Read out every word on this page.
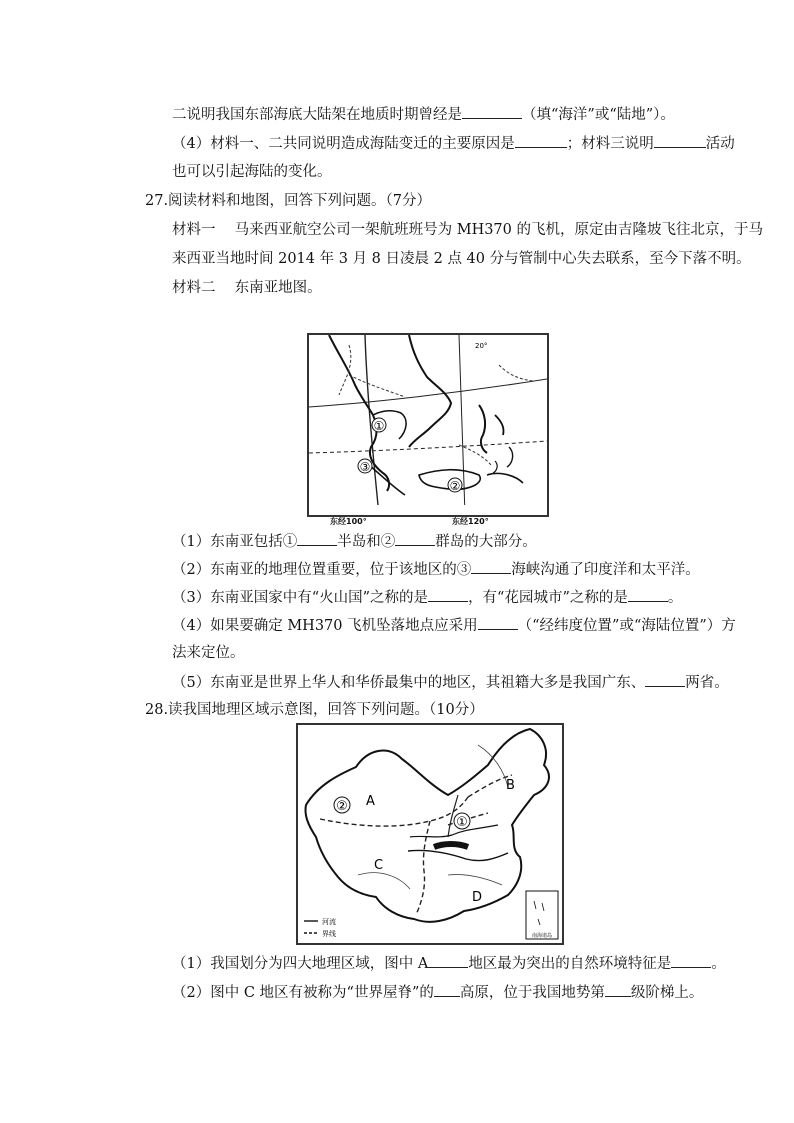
二说明我国东部海底大陆架在地质时期曾经是	（填“海洋”或“陆地”）。
（4）材料一、二共同说明造成海陆变迁的主要原因是	；材料三说明	活动
也可以引起海陆的变化。
27.阅读材料和地图，回答下列问题。（7分）
材料一　 马来西亚航空公司一架航班班号为 MH370 的飞机，原定由吉隆坡飞往北京，于马
来西亚当地时间 2014 年 3 月 8 日凌晨 2 点 40 分与管制中心失去联系，至今下落不明。
材料二　 东南亚地图。
①
③
②
20°
东经100°	东经120°
（1）东南亚包括①	半岛和②	群岛的大部分。
（2）东南亚的地理位置重要，位于该地区的③	海峡沟通了印度洋和太平洋。
（3）东南亚国家中有“火山国”之称的是	，有“花园城市”之称的是	。
（4）如果要确定 MH370 飞机坠落地点应采用	（“经纬度位置”或“海陆位置”）方
法来定位。
（5）东南亚是世界上华人和华侨最集中的地区，其祖籍大多是我国广东、	两省。
28.读我国地理区域示意图，回答下列问题。（10分）
南海诸岛
河流
界线
A
B
C
D
②
①
（1）我国划分为四大地理区域，图中 A	地区最为突出的自然环境特征是	。
（2）图中 C 地区有被称为“世界屋脊”的 高原，位于我国地势第 级阶梯上。
